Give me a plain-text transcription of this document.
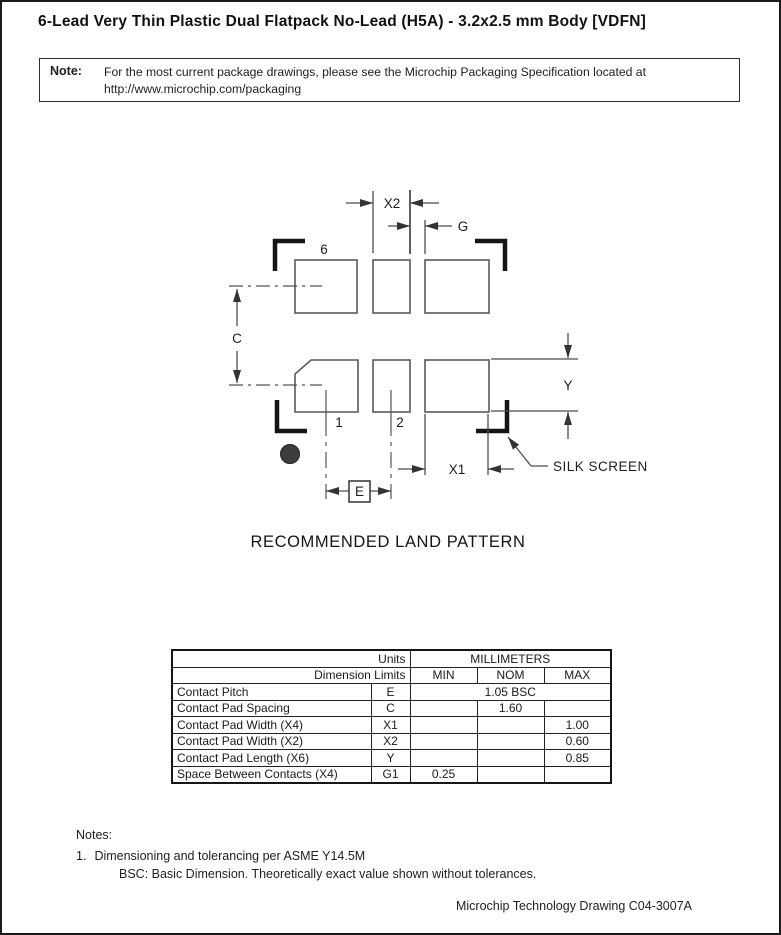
6-Lead Very Thin Plastic Dual Flatpack No-Lead (H5A) - 3.2x2.5 mm Body [VDFN]
Note: For the most current package drawings, please see the Microchip Packaging Specification located at
http://www.microchip.com/packaging
X2
G
C
Y
X1
E
SILK SCREEN
6
1	2
RECOMMENDED LAND PATTERN
Units		MILLIMETERS		
Dimension Limits		MIN	NOM	MAX
Contact Pitch	E	1.05 BSC		
Contact Pad Spacing	C		1.60	
Contact Pad Width (X4)	X1			1.00
Contact Pad Width (X2)	X2			0.60
Contact Pad Length (X6)	Y			0.85
Space Between Contacts (X4)	G1	0.25		
Notes:
1. Dimensioning and tolerancing per ASME Y14.5M
BSC: Basic Dimension. Theoretically exact value shown without tolerances.
Microchip Technology Drawing C04-3007A
